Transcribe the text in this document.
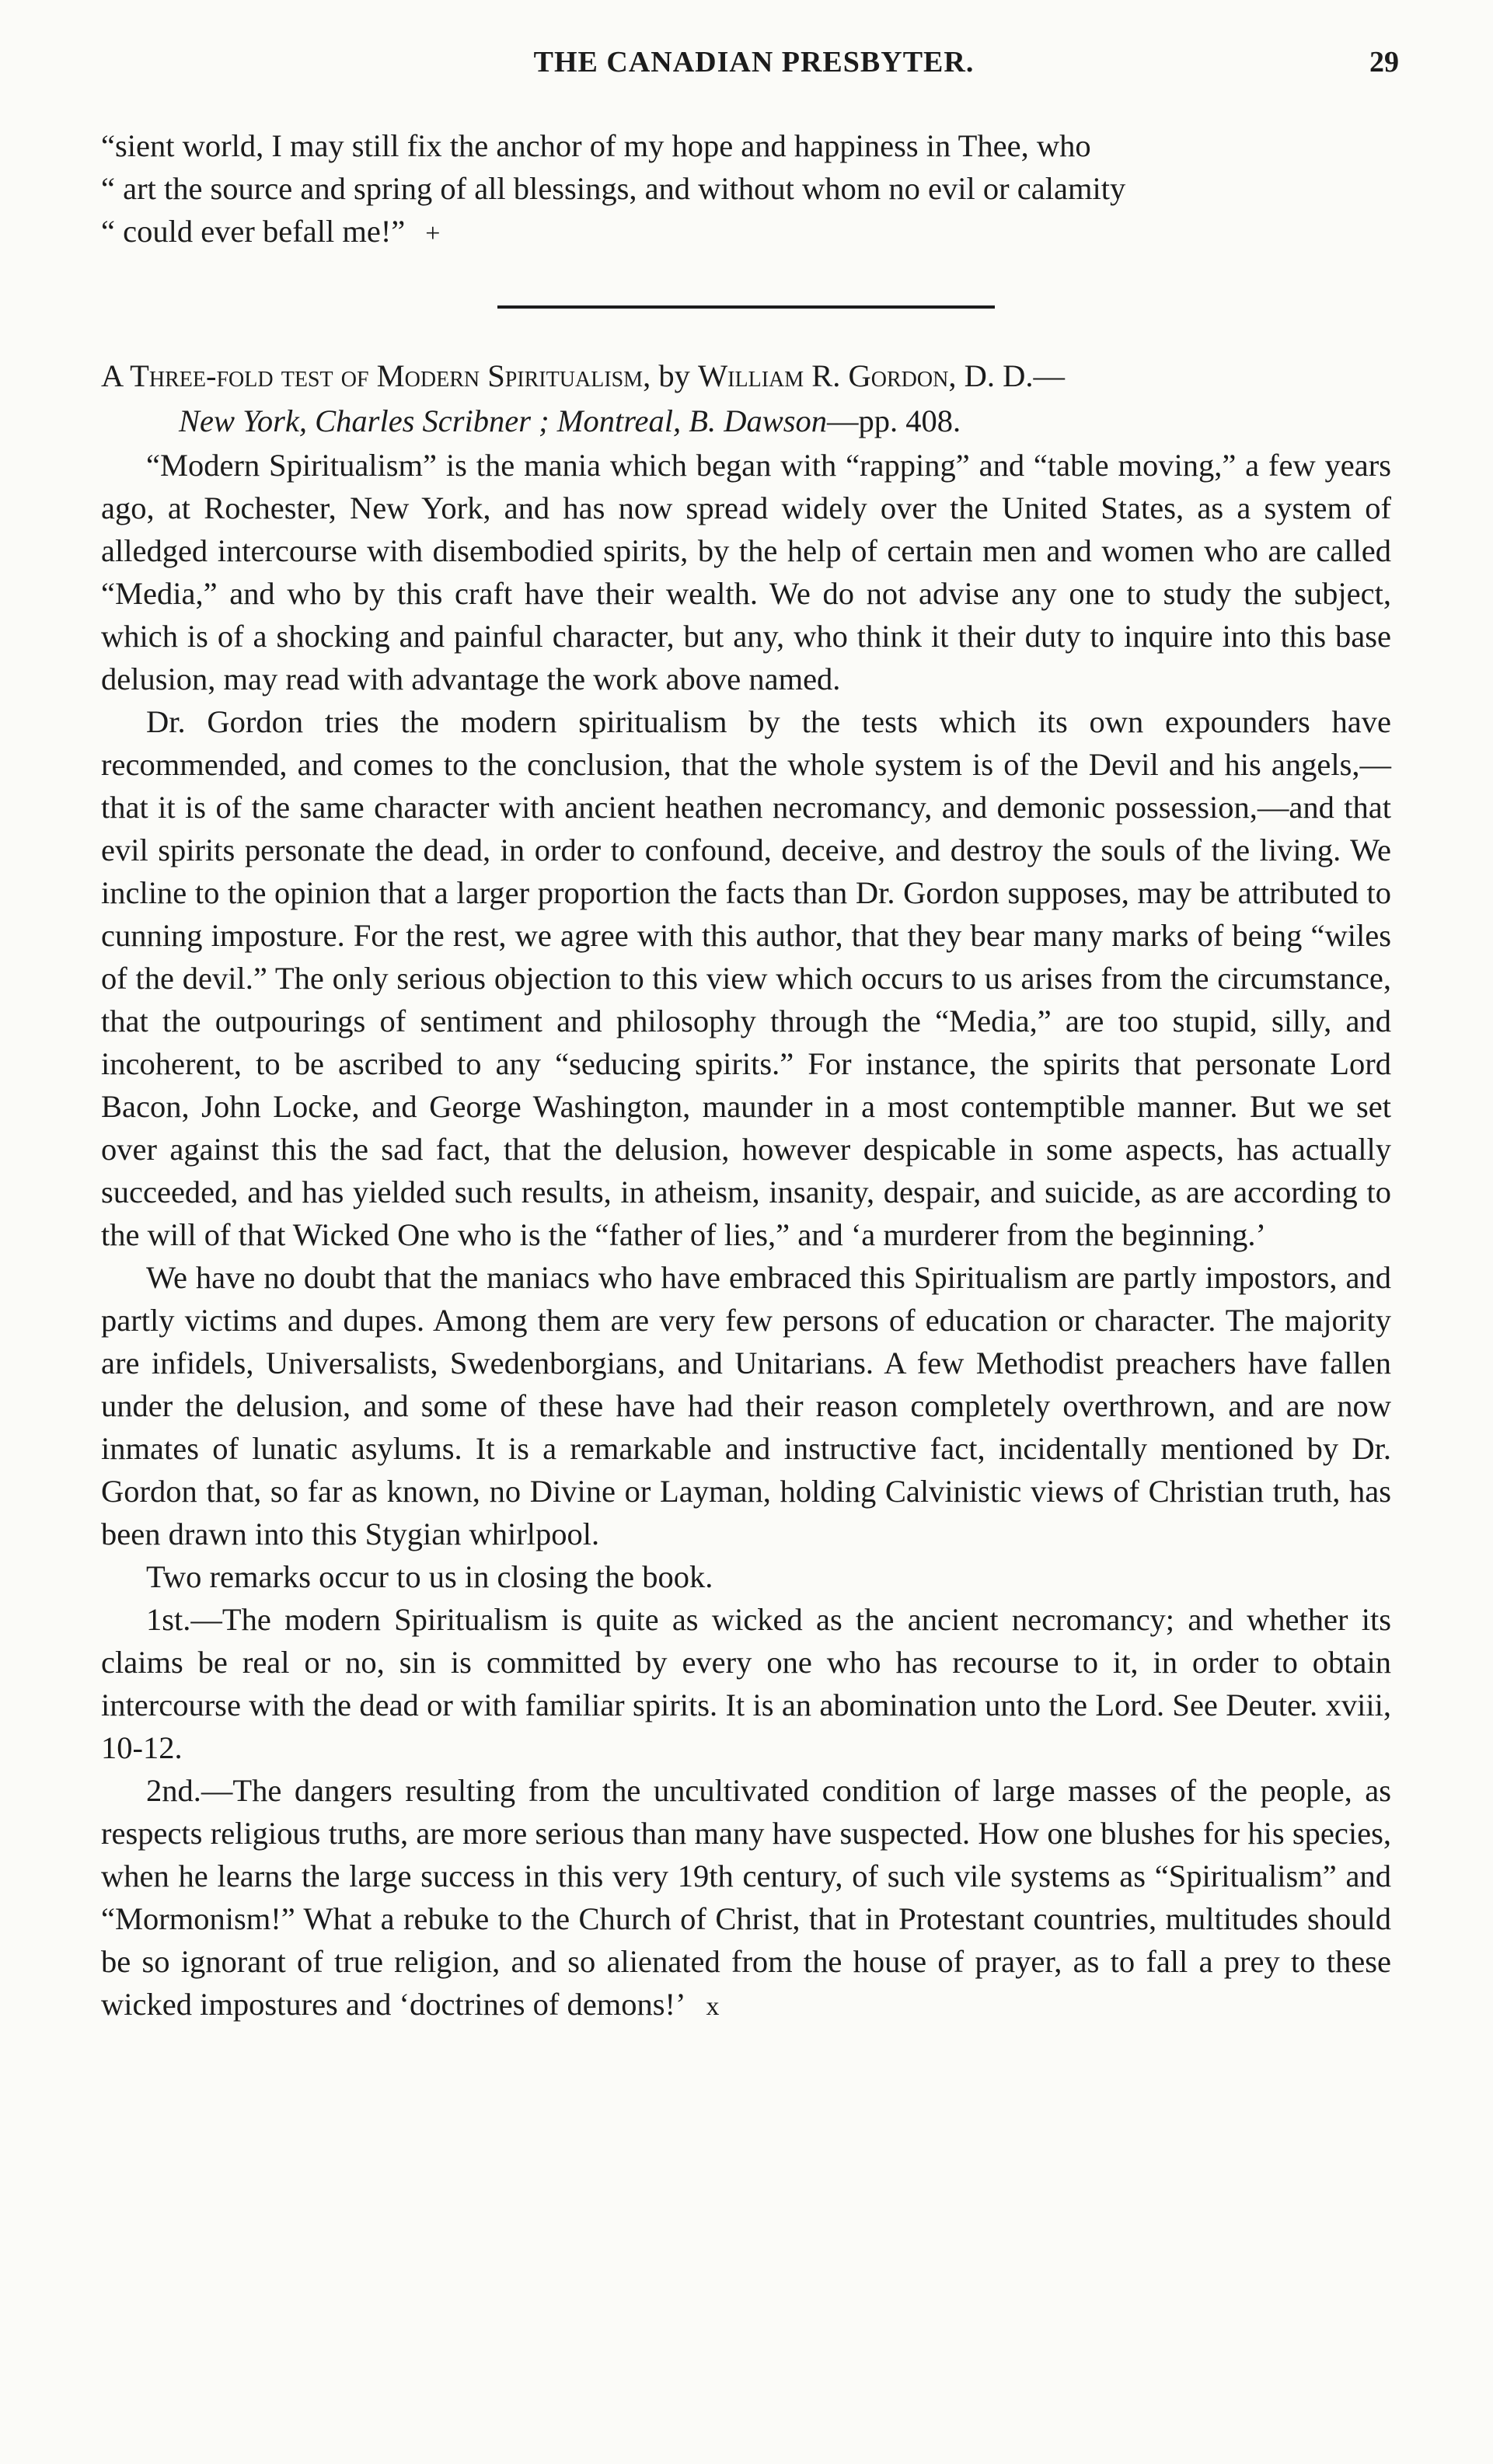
THE CANADIAN PRESBYTER.	29
“sient world, I may still fix the anchor of my hope and happiness in Thee, who
“ art the source and spring of all blessings, and without whom no evil or calamity
“ could ever befall me!” +

A Three-fold test of Modern Spiritualism, by William R. Gordon, D. D.—
New York, Charles Scribner ; Montreal, B. Dawson—pp. 408.

“Modern Spiritualism” is the mania which began with “rapping” and “table moving,” a few years ago, at Rochester, New York, and has now spread widely over the United States, as a system of alledged intercourse with disembodied spirits, by the help of certain men and women who are called “Media,” and who by this craft have their wealth. We do not advise any one to study the subject, which is of a shocking and painful character, but any, who think it their duty to inquire into this base delusion, may read with advantage the work above named.

Dr. Gordon tries the modern spiritualism by the tests which its own expounders have recommended, and comes to the conclusion, that the whole system is of the Devil and his angels,—that it is of the same character with ancient heathen necromancy, and demonic possession,—and that evil spirits personate the dead, in order to confound, deceive, and destroy the souls of the living. We incline to the opinion that a larger proportion the facts than Dr. Gordon supposes, may be attributed to cunning imposture. For the rest, we agree with this author, that they bear many marks of being “wiles of the devil.” The only serious objection to this view which occurs to us arises from the circumstance, that the outpourings of sentiment and philosophy through the “Media,” are too stupid, silly, and incoherent, to be ascribed to any “seducing spirits.” For instance, the spirits that personate Lord Bacon, John Locke, and George Washington, maunder in a most contemptible manner. But we set over against this the sad fact, that the delusion, however despicable in some aspects, has actually succeeded, and has yielded such results, in atheism, insanity, despair, and suicide, as are according to the will of that Wicked One who is the “father of lies,” and ‘a murderer from the beginning.’

We have no doubt that the maniacs who have embraced this Spiritualism are partly impostors, and partly victims and dupes. Among them are very few persons of education or character. The majority are infidels, Universalists, Swedenborgians, and Unitarians. A few Methodist preachers have fallen under the delusion, and some of these have had their reason completely overthrown, and are now inmates of lunatic asylums. It is a remarkable and instructive fact, incidentally mentioned by Dr. Gordon that, so far as known, no Divine or Layman, holding Calvinistic views of Christian truth, has been drawn into this Stygian whirlpool.

Two remarks occur to us in closing the book.

1st.—The modern Spiritualism is quite as wicked as the ancient necromancy; and whether its claims be real or no, sin is committed by every one who has recourse to it, in order to obtain intercourse with the dead or with familiar spirits. It is an abomination unto the Lord. See Deuter. xviii, 10-12.

2nd.—The dangers resulting from the uncultivated condition of large masses of the people, as respects religious truths, are more serious than many have suspected. How one blushes for his species, when he learns the large success in this very 19th century, of such vile systems as “Spiritualism” and “Mormonism!” What a rebuke to the Church of Christ, that in Protestant countries, multitudes should be so ignorant of true religion, and so alienated from the house of prayer, as to fall a prey to these wicked impostures and ‘doctrines of demons!’ x
